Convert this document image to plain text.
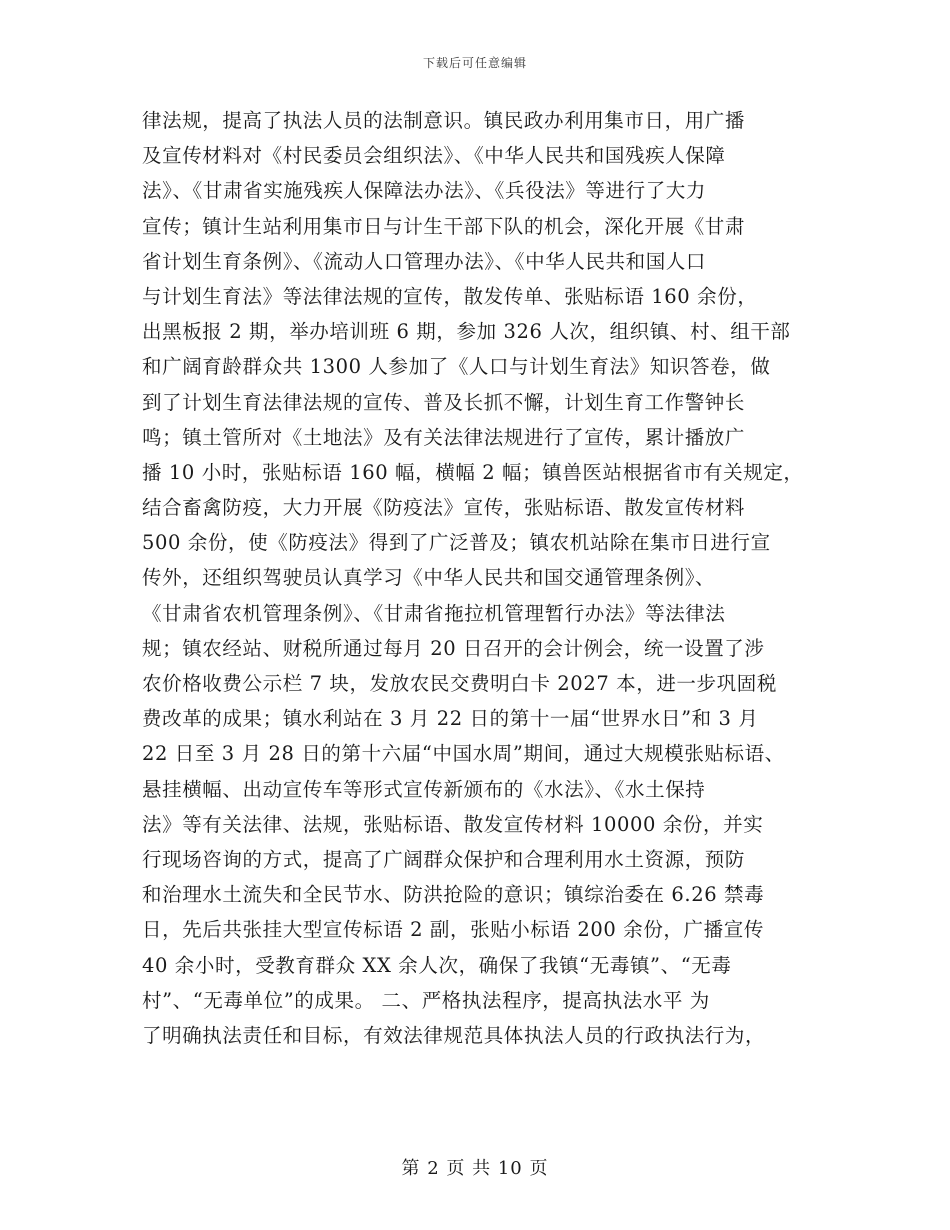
下载后可任意编辑
律法规，提高了执法人员的法制意识。镇民政办利用集市日，用广播
及宣传材料对《村民委员会组织法》、《中华人民共和国残疾人保障
法》、《甘肃省实施残疾人保障法办法》、《兵役法》等进行了大力
宣传；镇计生站利用集市日与计生干部下队的机会，深化开展《甘肃
省计划生育条例》、《流动人口管理办法》、《中华人民共和国人口
与计划生育法》等法律法规的宣传，散发传单、张贴标语 160 余份，
出黑板报 2 期，举办培训班 6 期，参加 326 人次，组织镇、村、组干部
和广阔育龄群众共 1300 人参加了《人口与计划生育法》知识答卷，做
到了计划生育法律法规的宣传、普及长抓不懈，计划生育工作警钟长
鸣；镇土管所对《土地法》及有关法律法规进行了宣传，累计播放广
播 10 小时，张贴标语 160 幅，横幅 2 幅；镇兽医站根据省市有关规定，
结合畜禽防疫，大力开展《防疫法》宣传，张贴标语、散发宣传材料
500 余份，使《防疫法》得到了广泛普及；镇农机站除在集市日进行宣
传外，还组织驾驶员认真学习《中华人民共和国交通管理条例》、
《甘肃省农机管理条例》、《甘肃省拖拉机管理暂行办法》等法律法
规；镇农经站、财税所通过每月 20 日召开的会计例会，统一设置了涉
农价格收费公示栏 7 块，发放农民交费明白卡 2027 本，进一步巩固税
费改革的成果；镇水利站在 3 月 22 日的第十一届“世界水日”和 3 月
22 日至 3 月 28 日的第十六届“中国水周”期间，通过大规模张贴标语、
悬挂横幅、出动宣传车等形式宣传新颁布的《水法》、《水土保持
法》等有关法律、法规，张贴标语、散发宣传材料 10000 余份，并实
行现场咨询的方式，提高了广阔群众保护和合理利用水土资源，预防
和治理水土流失和全民节水、防洪抢险的意识；镇综治委在 6.26 禁毒
日，先后共张挂大型宣传标语 2 副，张贴小标语 200 余份，广播宣传
40 余小时，受教育群众 XX 余人次，确保了我镇“无毒镇”、“无毒
村”、“无毒单位”的成果。 二、严格执法程序，提高执法水平 为
了明确执法责任和目标，有效法律规范具体执法人员的行政执法行为，
第 2 页 共 10 页
